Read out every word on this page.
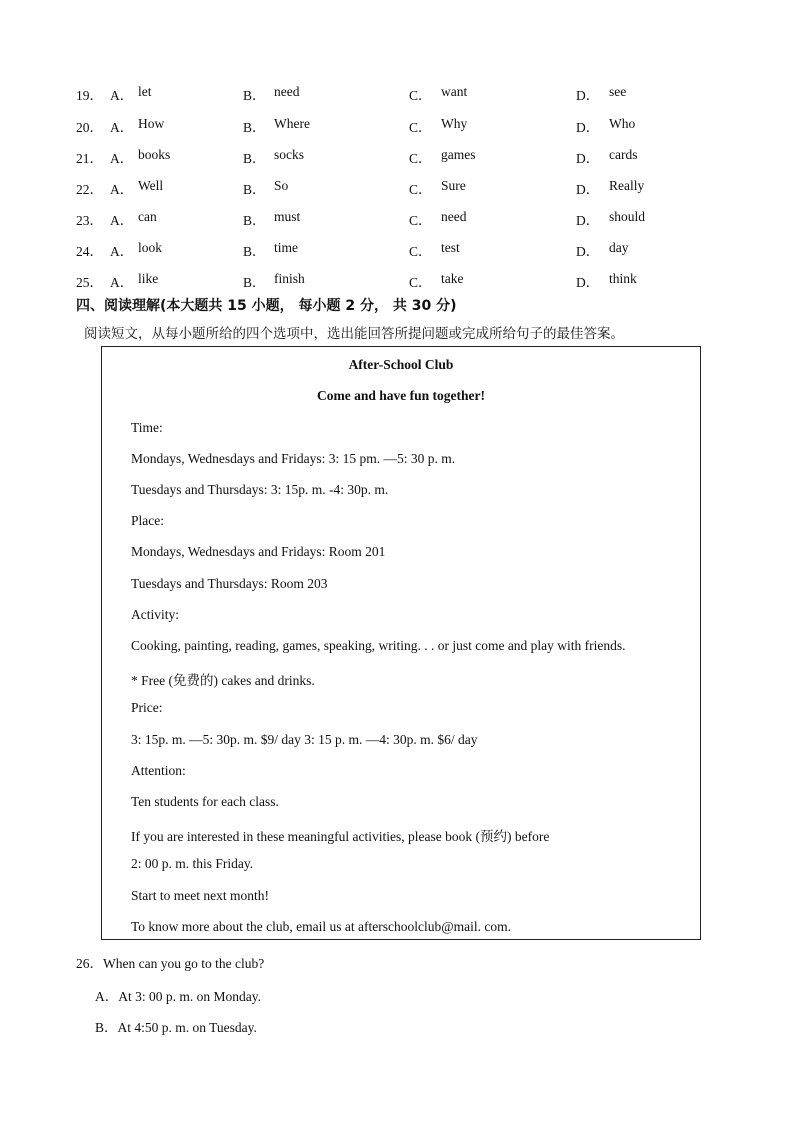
19． A． let	B． need	C． want	D． see
20． A． How	B． Where	C． Why	D． Who
21． A． books	B． socks	C． games	D． cards
22． A． Well	B． So	C． Sure	D． Really
23． A． can	B． must	C． need	D． should
24． A． look	B． time	C． test	D． day
25． A． like	B． finish	C． take	D． think
四、阅读理解(本大题共 15 小题， 每小题 2 分， 共 30 分)
阅读短文，从每小题所给的四个选项中，选出能回答所提问题或完成所给句子的最佳答案。
After-School Club
Come and have fun together!
Time:
Mondays, Wednesdays and Fridays: 3: 15 pm. —5: 30 p. m.
Tuesdays and Thursdays: 3: 15p. m. -4: 30p. m.
Place:
Mondays, Wednesdays and Fridays: Room 201
Tuesdays and Thursdays: Room 203
Activity:
Cooking, painting, reading, games, speaking, writing. . . or just come and play with friends.
* Free (免费的) cakes and drinks.
Price:
3: 15p. m. —5: 30p. m. $9/ day 3: 15 p. m. —4: 30p. m. $6/ day
Attention:
Ten students for each class.
If you are interested in these meaningful activities, please book (预约) before
2: 00 p. m. this Friday.
Start to meet next month!
To know more about the club, email us at afterschoolclub@mail. com.
26．When can you go to the club?
A．At 3: 00 p. m. on Monday.
B．At 4:50 p. m. on Tuesday.
